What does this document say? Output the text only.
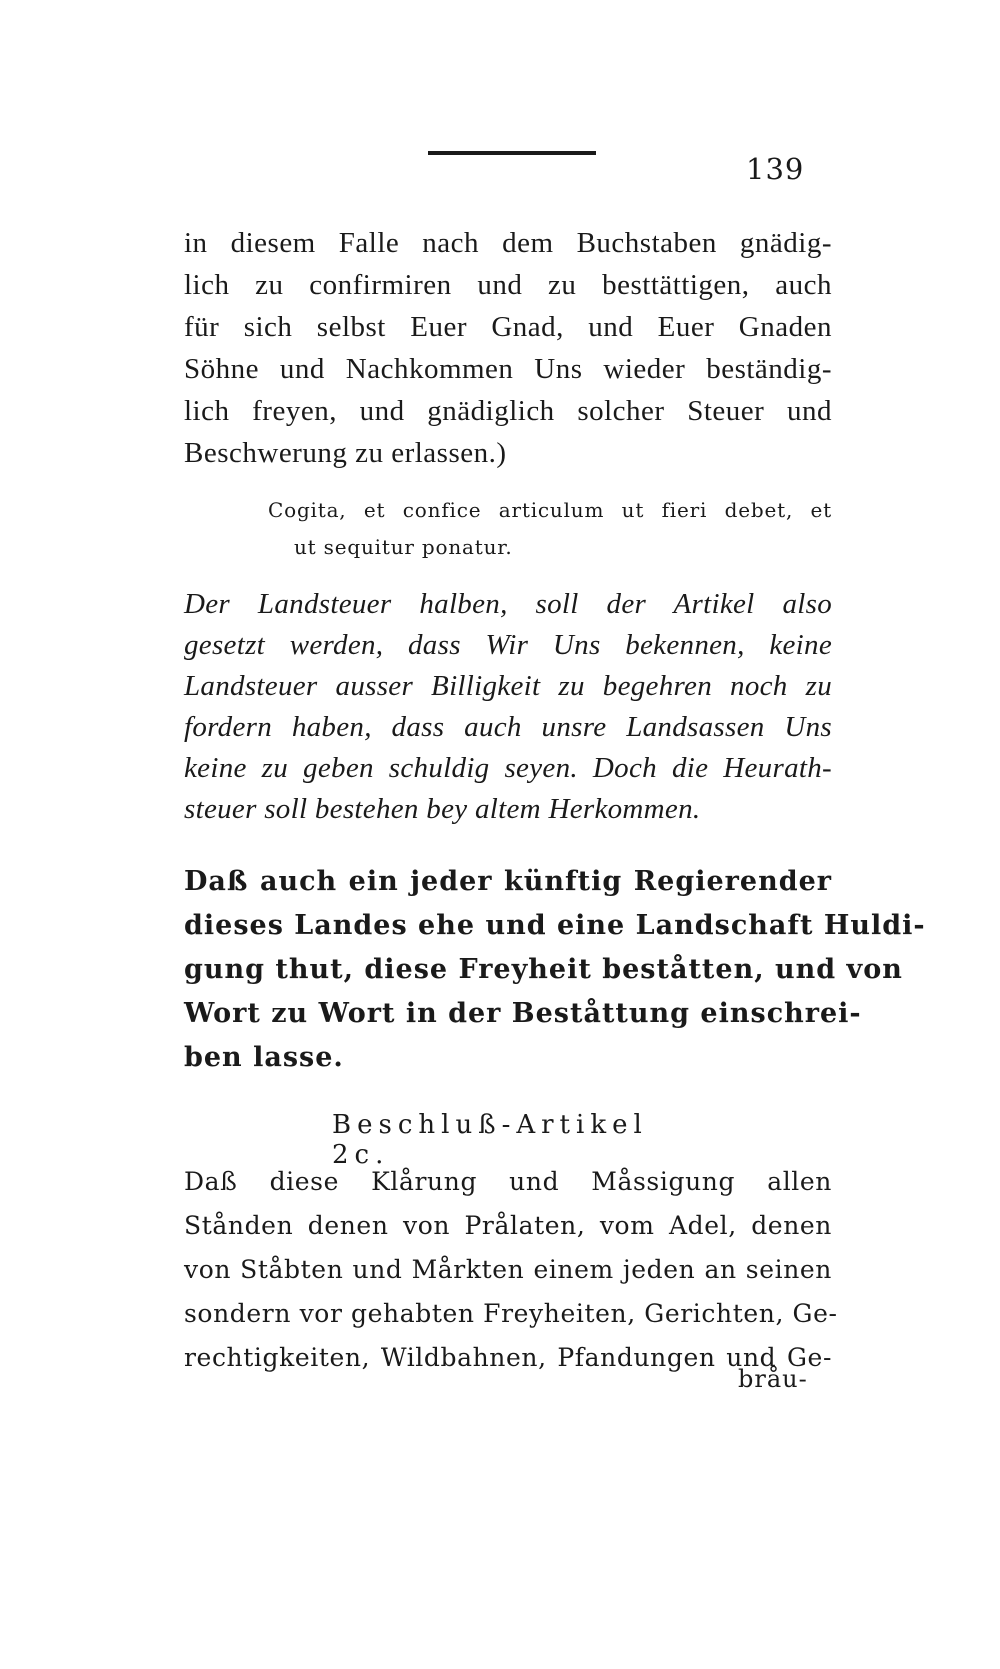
139
in diesem Falle nach dem Buchstaben gnädig-
lich zu confirmiren und zu besttättigen, auch
für sich selbst Euer Gnad, und Euer Gnaden
Söhne und Nachkommen Uns wieder beständig-
lich freyen, und gnädiglich solcher Steuer und
Beschwerung zu erlassen.)
Cogita, et confice articulum ut fieri debet, et
ut sequitur ponatur.
Der Landsteuer halben, soll der Artikel also
gesetzt werden, dass Wir Uns bekennen, keine
Landsteuer ausser Billigkeit zu begehren noch zu
fordern haben, dass auch unsre Landsassen Uns
keine zu geben schuldig seyen. Doch die Heurath-
steuer soll bestehen bey altem Herkommen.
Daß auch ein jeder künftig Regierender
dieses Landes ehe und eine Landschaft Huldi-
gung thut, diese Freyheit beståtten, und von
Wort zu Wort in der Beståttung einschrei-
ben lasse.
Beschluß-Artikel 2c.
Daß diese Klårung und Måssigung allen
Stånden denen von Prålaten, vom Adel, denen
von Ståbten und Mårkten einem jeden an seinen
sondern vor gehabten Freyheiten, Gerichten, Ge-
rechtigkeiten, Wildbahnen, Pfandungen und Ge-
bråu-
